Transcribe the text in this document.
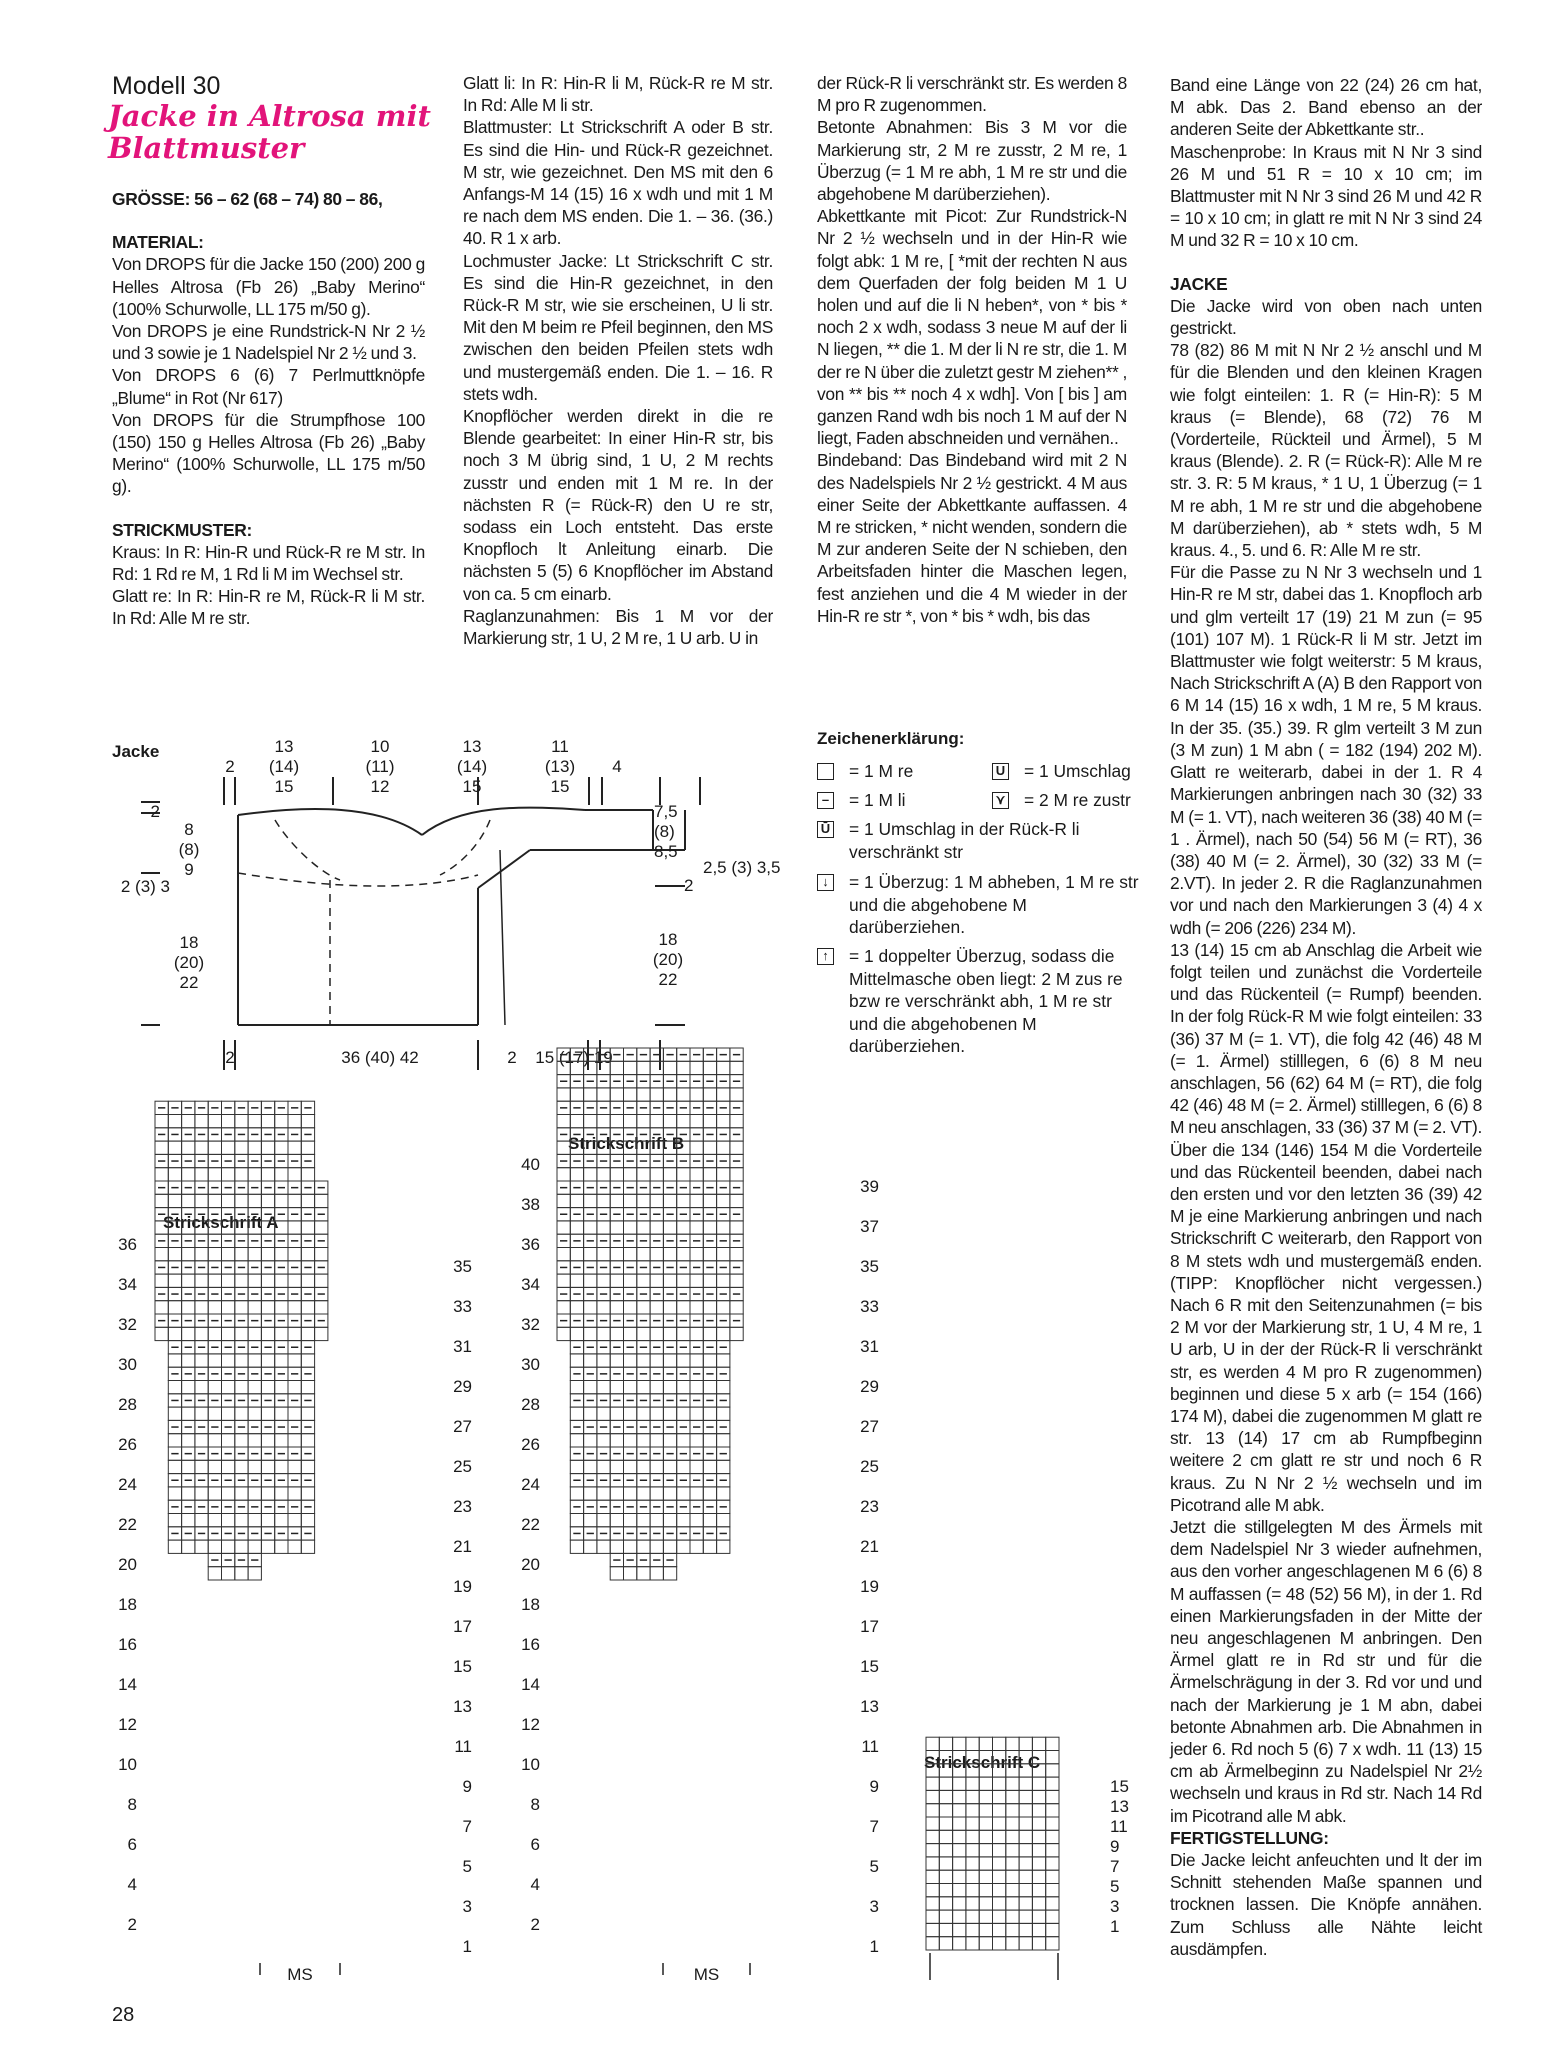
Modell 30
Jacke in Altrosa mit
Blattmuster

GRÖSSE: 56 – 62 (68 – 74) 80 – 86,

MATERIAL:

Von DROPS für die Jacke 150 (200) 200 g Helles Altrosa (Fb 26) „Baby Merino“ (100% Schurwolle, LL 175 m/50 g).

Von DROPS je eine Rundstrick-N Nr 2 ½ und 3 sowie je 1 Nadelspiel Nr 2 ½ und 3.

Von DROPS 6 (6) 7 Perlmuttknöpfe „Blume“ in Rot (Nr 617)

Von DROPS für die Strumpfhose 100 (150) 150 g Helles Altrosa (Fb 26) „Baby Merino“ (100% Schurwolle, LL 175 m/50 g).

STRICKMUSTER:

Kraus: In R: Hin-R und Rück-R re M str. In Rd: 1 Rd re M, 1 Rd li M im Wechsel str.

Glatt re: In R: Hin-R re M, Rück-R li M str. In Rd: Alle M re str.

Glatt li: In R: Hin-R li M, Rück-R re M str. In Rd: Alle M li str.

Blattmuster: Lt Strickschrift A oder B str. Es sind die Hin- und Rück-R gezeichnet. M str, wie gezeichnet. Den MS mit den 6 Anfangs-M 14 (15) 16 x wdh und mit 1 M re nach dem MS enden. Die 1. – 36. (36.) 40. R 1 x arb.

Lochmuster Jacke: Lt Strickschrift C str. Es sind die Hin-R gezeichnet, in den Rück-R M str, wie sie erscheinen, U li str. Mit den M beim re Pfeil beginnen, den MS zwischen den beiden Pfeilen stets wdh und mustergemäß enden. Die 1. – 16. R stets wdh.

Knopflöcher werden direkt in die re Blende gearbeitet: In einer Hin-R str, bis noch 3 M übrig sind, 1 U, 2 M rechts zusstr und enden mit 1 M re. In der nächsten R (= Rück-R) den U re str, sodass ein Loch entsteht. Das erste Knopfloch lt Anleitung einarb. Die nächsten 5 (5) 6 Knopflöcher im Abstand von ca. 5 cm einarb.

Raglanzunahmen: Bis 1 M vor der Markierung str, 1 U, 2 M re, 1 U arb. U in

der Rück-R li verschränkt str. Es werden 8 M pro R zugenommen.

Betonte Abnahmen: Bis 3 M vor die Markierung str, 2 M re zusstr, 2 M re, 1 Überzug (= 1 M re abh, 1 M re str und die abgehobene M darüberziehen).

Abkettkante mit Picot: Zur Rundstrick-N Nr 2 ½ wechseln und in der Hin-R wie folgt abk: 1 M re, [ *mit der rechten N aus dem Querfaden der folg beiden M 1 U holen und auf die li N heben*, von * bis * noch 2 x wdh, sodass 3 neue M auf der li N liegen, ** die 1. M der li N re str, die 1. M der re N über die zuletzt gestr M ziehen** , von ** bis ** noch 4 x wdh]. Von [ bis ] am ganzen Rand wdh bis noch 1 M auf der N liegt, Faden abschneiden und vernähen..

Bindeband: Das Bindeband wird mit 2 N des Nadelspiels Nr 2 ½ gestrickt. 4 M aus einer Seite der Abkettkante auffassen. 4 M re stricken, * nicht wenden, sondern die M zur anderen Seite der N schieben, den Arbeitsfaden hinter die Maschen legen, fest anziehen und die 4 M wieder in der Hin-R re str *, von * bis * wdh, bis das

Band eine Länge von 22 (24) 26 cm hat, M abk. Das 2. Band ebenso an der anderen Seite der Abkettkante str..

Maschenprobe: In Kraus mit N Nr 3 sind 26 M und 51 R = 10 x 10 cm; im Blattmuster mit N Nr 3 sind 26 M und 42 R = 10 x 10 cm; in glatt re mit N Nr 3 sind 24 M und 32 R = 10 x 10 cm.

JACKE

Die Jacke wird von oben nach unten gestrickt.

78 (82) 86 M mit N Nr 2 ½ anschl und M für die Blenden und den kleinen Kragen wie folgt einteilen: 1. R (= Hin-R): 5 M kraus (= Blende), 68 (72) 76 M (Vorderteile, Rückteil und Ärmel), 5 M kraus (Blende). 2. R (= Rück-R): Alle M re str. 3. R: 5 M kraus, * 1 U, 1 Überzug (= 1 M re abh, 1 M re str und die abgehobene M darüberziehen), ab * stets wdh, 5 M kraus. 4., 5. und 6. R: Alle M re str.

Für die Passe zu N Nr 3 wechseln und 1 Hin-R re M str, dabei das 1. Knopfloch arb und glm verteilt 17 (19) 21 M zun (= 95 (101) 107 M). 1 Rück-R li M str. Jetzt im Blattmuster wie folgt weiterstr: 5 M kraus, Nach Strickschrift A (A) B den Rapport von 6 M 14 (15) 16 x wdh, 1 M re, 5 M kraus. In der 35. (35.) 39. R glm verteilt 3 M zun (3 M zun) 1 M abn ( = 182 (194) 202 M). Glatt re weiterarb, dabei in der 1. R 4 Markierungen anbringen nach 30 (32) 33 M (= 1. VT), nach weiteren 36 (38) 40 M (= 1 . Ärmel), nach 50 (54) 56 M (= RT), 36 (38) 40 M (= 2. Ärmel), 30 (32) 33 M (= 2.VT). In jeder 2. R die Raglanzunahmen vor und nach den Markierungen 3 (4) 4 x wdh (= 206 (226) 234 M).

13 (14) 15 cm ab Anschlag die Arbeit wie folgt teilen und zunächst die Vorderteile und das Rückenteil (= Rumpf) beenden. In der folg Rück-R M wie folgt einteilen: 33 (36) 37 M (= 1. VT), die folg 42 (46) 48 M (= 1. Ärmel) stilllegen, 6 (6) 8 M neu anschlagen, 56 (62) 64 M (= RT), die folg 42 (46) 48 M (= 2. Ärmel) stilllegen, 6 (6) 8 M neu anschlagen, 33 (36) 37 M (= 2. VT). Über die 134 (146) 154 M die Vorderteile und das Rückenteil beenden, dabei nach den ersten und vor den letzten 36 (39) 42 M je eine Markierung anbringen und nach Strickschrift C weiterarb, den Rapport von 8 M stets wdh und mustergemäß enden. (TIPP: Knopflöcher nicht vergessen.) Nach 6 R mit den Seitenzunahmen (= bis 2 M vor der Markierung str, 1 U, 4 M re, 1 U arb, U in der der Rück-R li verschränkt str, es werden 4 M pro R zugenommen) beginnen und diese 5 x arb (= 154 (166) 174 M), dabei die zugenommen M glatt re str. 13 (14) 17 cm ab Rumpfbeginn weitere 2 cm glatt re str und noch 6 R kraus. Zu N Nr 2 ½ wechseln und im Picotrand alle M abk.

Jetzt die stillgelegten M des Ärmels mit dem Nadelspiel Nr 3 wieder aufnehmen, aus den vorher angeschlagenen M 6 (6) 8 M auffassen (= 48 (52) 56 M), in der 1. Rd einen Markierungsfaden in der Mitte der neu angeschlagenen M anbringen. Den Ärmel glatt re in Rd str und für die Ärmelschrägung in der 3. Rd vor und und nach der Markierung je 1 M abn, dabei betonte Abnahmen arb. Die Abnahmen in jeder 6. Rd noch 5 (6) 7 x wdh. 11 (13) 15 cm ab Ärmelbeginn zu Nadelspiel Nr 2½ wechseln und kraus in Rd str. Nach 14 Rd im Picotrand alle M abk.

FERTIGSTELLUNG:

Die Jacke leicht anfeuchten und lt der im Schnitt stehenden Maße spannen und trocknen lassen. Die Knöpfe annähen. Zum Schluss alle Nähte leicht ausdämpfen.

Jacke
2
13
(14)
15
10
(11)
12
13
(14)
15
11
(13)
15
4
2
8
(8)
9
2 (3) 3
18
(20)
22
7,5
(8)
8,5
2,5 (3) 3,5
2
18
(20)
22
2	36 (40) 42	2 15 (17) 19
Zeichenerklärung:
= 1 M re	U = 1 Umschlag
– = 1 M li	⋎ = 2 M re zustr
Ū = 1 Umschlag in der Rück-R li verschränkt str
↓	= 1 Überzug: 1 M abheben, 1 M re str und die abgehobene M darüberziehen.
↑	= 1 doppelter Überzug, sodass die Mittelmasche oben liegt: 2 M zus re bzw re verschränkt abh, 1 M re str und die abgehobenen M darüberziehen.
Strickschrift A
Strickschrift B
Strickschrift C
2
4
6
8
10
12
14
16
18
20
22
24
26
28
30
32
34
36
1
3
5
7
9
11
13
15
17
19
21
23
25
27
29
31
33
35
2
4
6
8
10
12
14
16
18
20
22
24
26
28
30
32
34
36
38
40
1
3
5
7
9
11
13
15
17
19
21
23
25
27
29
31
33
35
37
39
15
13
11
9
7
5
3
1
MS	MS
28
